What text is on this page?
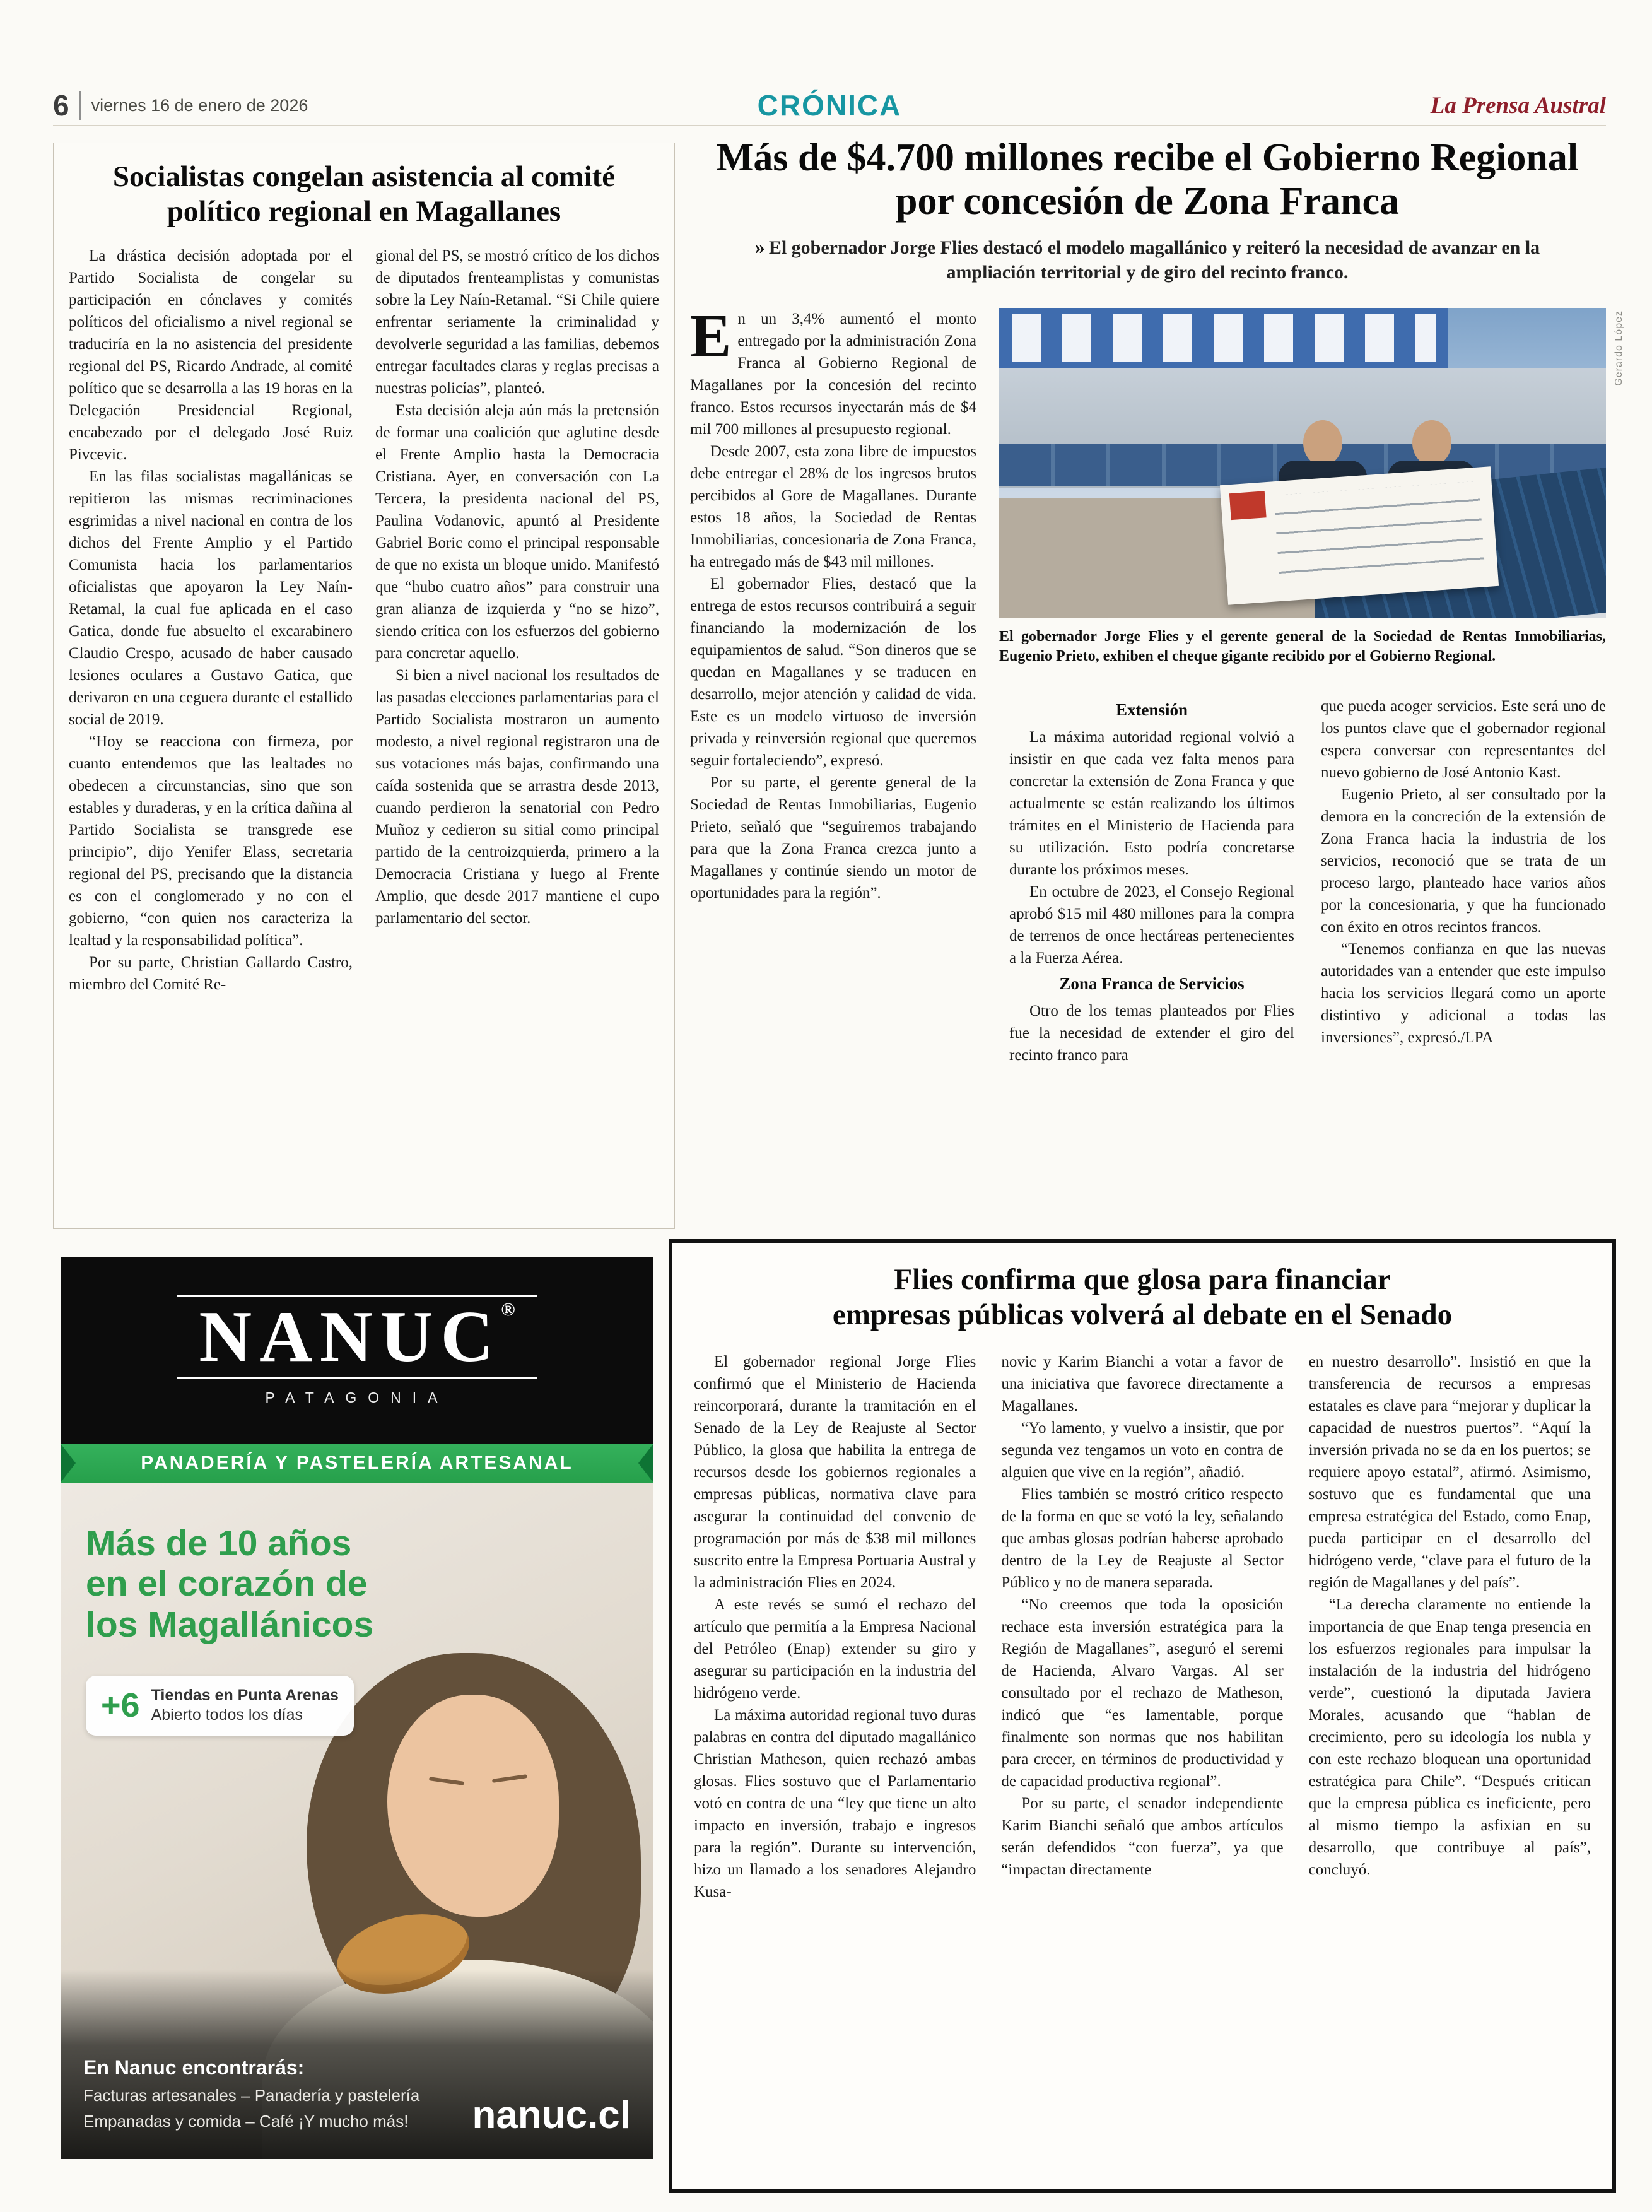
6	viernes 16 de enero de 2026	CRÓNICA	La Prensa Austral
Socialistas congelan asistencia al comité político regional en Magallanes

La drástica decisión adoptada por el Partido Socialista de congelar su participación en cónclaves y comités políticos del oficialismo a nivel regional se traduciría en la no asistencia del presidente regional del PS, Ricardo Andrade, al comité político que se desarrolla a las 19 horas en la Delegación Presidencial Regional, encabezado por el delegado José Ruiz Pivcevic.

En las filas socialistas magallánicas se repitieron las mismas recriminaciones esgrimidas a nivel nacional en contra de los dichos del Frente Amplio y el Partido Comunista hacia los parlamentarios oficialistas que apoyaron la Ley Naín-Retamal, la cual fue aplicada en el caso Gatica, donde fue absuelto el excarabinero Claudio Crespo, acusado de haber causado lesiones oculares a Gustavo Gatica, que derivaron en una ceguera durante el estallido social de 2019.

“Hoy se reacciona con firmeza, por cuanto entendemos que las lealtades no obedecen a circunstancias, sino que son estables y duraderas, y en la crítica dañina al Partido Socialista se transgrede ese principio”, dijo Yenifer Elass, secretaria regional del PS, precisando que la distancia es con el conglomerado y no con el gobierno, “con quien nos caracteriza la lealtad y la responsabilidad política”.

Por su parte, Christian Gallardo Castro, miembro del Comité Re-

gional del PS, se mostró crítico de los dichos de diputados frenteamplistas y comunistas sobre la Ley Naín-Retamal. “Si Chile quiere enfrentar seriamente la criminalidad y devolverle seguridad a las familias, debemos entregar facultades claras y reglas precisas a nuestras policías”, planteó.

Esta decisión aleja aún más la pretensión de formar una coalición que aglutine desde el Frente Amplio hasta la Democracia Cristiana. Ayer, en conversación con La Tercera, la presidenta nacional del PS, Paulina Vodanovic, apuntó al Presidente Gabriel Boric como el principal responsable de que no exista un bloque unido. Manifestó que “hubo cuatro años” para construir una gran alianza de izquierda y “no se hizo”, siendo crítica con los esfuerzos del gobierno para concretar aquello.

Si bien a nivel nacional los resultados de las pasadas elecciones parlamentarias para el Partido Socialista mostraron un aumento modesto, a nivel regional registraron una de sus votaciones más bajas, confirmando una caída sostenida que se arrastra desde 2013, cuando perdieron la senatorial con Pedro Muñoz y cedieron su sitial como principal partido de la centroizquierda, primero a la Democracia Cristiana y luego al Frente Amplio, que desde 2017 mantiene el cupo parlamentario del sector.

Más de $4.700 millones recibe el Gobierno Regional por concesión de Zona Franca

» El gobernador Jorge Flies destacó el modelo magallánico y reiteró la necesidad de avanzar en la ampliación territorial y de giro del recinto franco.

En un 3,4% aumentó el monto entregado por la administración Zona Franca al Gobierno Regional de Magallanes por la concesión del recinto franco. Estos recursos inyectarán más de $4 mil 700 millones al presupuesto regional.

Desde 2007, esta zona libre de impuestos debe entregar el 28% de los ingresos brutos percibidos al Gore de Magallanes. Durante estos 18 años, la Sociedad de Rentas Inmobiliarias, concesionaria de Zona Franca, ha entregado más de $43 mil millones.

El gobernador Flies, destacó que la entrega de estos recursos contribuirá a seguir financiando la modernización de los equipamientos de salud. “Son dineros que se quedan en Magallanes y se traducen en desarrollo, mejor atención y calidad de vida. Este es un modelo virtuoso de inversión privada y reinversión regional que queremos seguir fortaleciendo”, expresó.

Por su parte, el gerente general de la Sociedad de Rentas Inmobiliarias, Eugenio Prieto, señaló que “seguiremos trabajando para que la Zona Franca crezca junto a Magallanes y continúe siendo un motor de oportunidades para la región”.

Gerardo López
El gobernador Jorge Flies y el gerente general de la Sociedad de Rentas Inmobiliarias, Eugenio Prieto, exhiben el cheque gigante recibido por el Gobierno Regional.
Extensión

La máxima autoridad regional volvió a insistir en que cada vez falta menos para concretar la extensión de Zona Franca y que actualmente se están realizando los últimos trámites en el Ministerio de Hacienda para su utilización. Esto podría concretarse durante los próximos meses.

En octubre de 2023, el Consejo Regional aprobó $15 mil 480 millones para la compra de terrenos de once hectáreas pertenecientes a la Fuerza Aérea.

Zona Franca de Servicios

Otro de los temas planteados por Flies fue la necesidad de extender el giro del recinto franco para

que pueda acoger servicios. Este será uno de los puntos clave que el gobernador regional espera conversar con representantes del nuevo gobierno de José Antonio Kast.

Eugenio Prieto, al ser consultado por la demora en la concreción de la extensión de Zona Franca hacia la industria de los servicios, reconoció que se trata de un proceso largo, planteado hace varios años por la concesionaria, y que ha funcionado con éxito en otros recintos francos.

“Tenemos confianza en que las nuevas autoridades van a entender que este impulso hacia los servicios llegará como un aporte distintivo y adicional a todas las inversiones”, expresó./LPA

NANUC®
PATAGONIA
PANADERÍA Y PASTELERÍA ARTESANAL
Más de 10 años
en el corazón de
los Magallánicos
+6 Tiendas en Punta Arenas
Abierto todos los días
En Nanuc encontrarás:
Facturas artesanales – Panadería y pastelería
Empanadas y comida – Café ¡Y mucho más! nanuc.cl
Flies confirma que glosa para financiar
empresas públicas volverá al debate en el Senado

El gobernador regional Jorge Flies confirmó que el Ministerio de Hacienda reincorporará, durante la tramitación en el Senado de la Ley de Reajuste al Sector Público, la glosa que habilita la entrega de recursos desde los gobiernos regionales a empresas públicas, normativa clave para asegurar la continuidad del convenio de programación por más de $38 mil millones suscrito entre la Empresa Portuaria Austral y la administración Flies en 2024.

A este revés se sumó el rechazo del artículo que permitía a la Empresa Nacional del Petróleo (Enap) extender su giro y asegurar su participación en la industria del hidrógeno verde.

La máxima autoridad regional tuvo duras palabras en contra del diputado magallánico Christian Matheson, quien rechazó ambas glosas. Flies sostuvo que el Parlamentario votó en contra de una “ley que tiene un alto impacto en inversión, trabajo e ingresos para la región”. Durante su intervención, hizo un llamado a los senadores Alejandro Kusa-

novic y Karim Bianchi a votar a favor de una iniciativa que favorece directamente a Magallanes.

“Yo lamento, y vuelvo a insistir, que por segunda vez tengamos un voto en contra de alguien que vive en la región”, añadió.

Flies también se mostró crítico respecto de la forma en que se votó la ley, señalando que ambas glosas podrían haberse aprobado dentro de la Ley de Reajuste al Sector Público y no de manera separada.

“No creemos que toda la oposición rechace esta inversión estratégica para la Región de Magallanes”, aseguró el seremi de Hacienda, Alvaro Vargas. Al ser consultado por el rechazo de Matheson, indicó que “es lamentable, porque finalmente son normas que nos habilitan para crecer, en términos de productividad y de capacidad productiva regional”.

Por su parte, el senador independiente Karim Bianchi señaló que ambos artículos serán defendidos “con fuerza”, ya que “impactan directamente

en nuestro desarrollo”. Insistió en que la transferencia de recursos a empresas estatales es clave para “mejorar y duplicar la capacidad de nuestros puertos”. “Aquí la inversión privada no se da en los puertos; se requiere apoyo estatal”, afirmó. Asimismo, sostuvo que es fundamental que una empresa estratégica del Estado, como Enap, pueda participar en el desarrollo del hidrógeno verde, “clave para el futuro de la región de Magallanes y del país”.

“La derecha claramente no entiende la importancia de que Enap tenga presencia en los esfuerzos regionales para impulsar la instalación de la industria del hidrógeno verde”, cuestionó la diputada Javiera Morales, acusando que “hablan de crecimiento, pero su ideología los nubla y con este rechazo bloquean una oportunidad estratégica para Chile”. “Después critican que la empresa pública es ineficiente, pero al mismo tiempo la asfixian en su desarrollo, que contribuye al país”, concluyó.
